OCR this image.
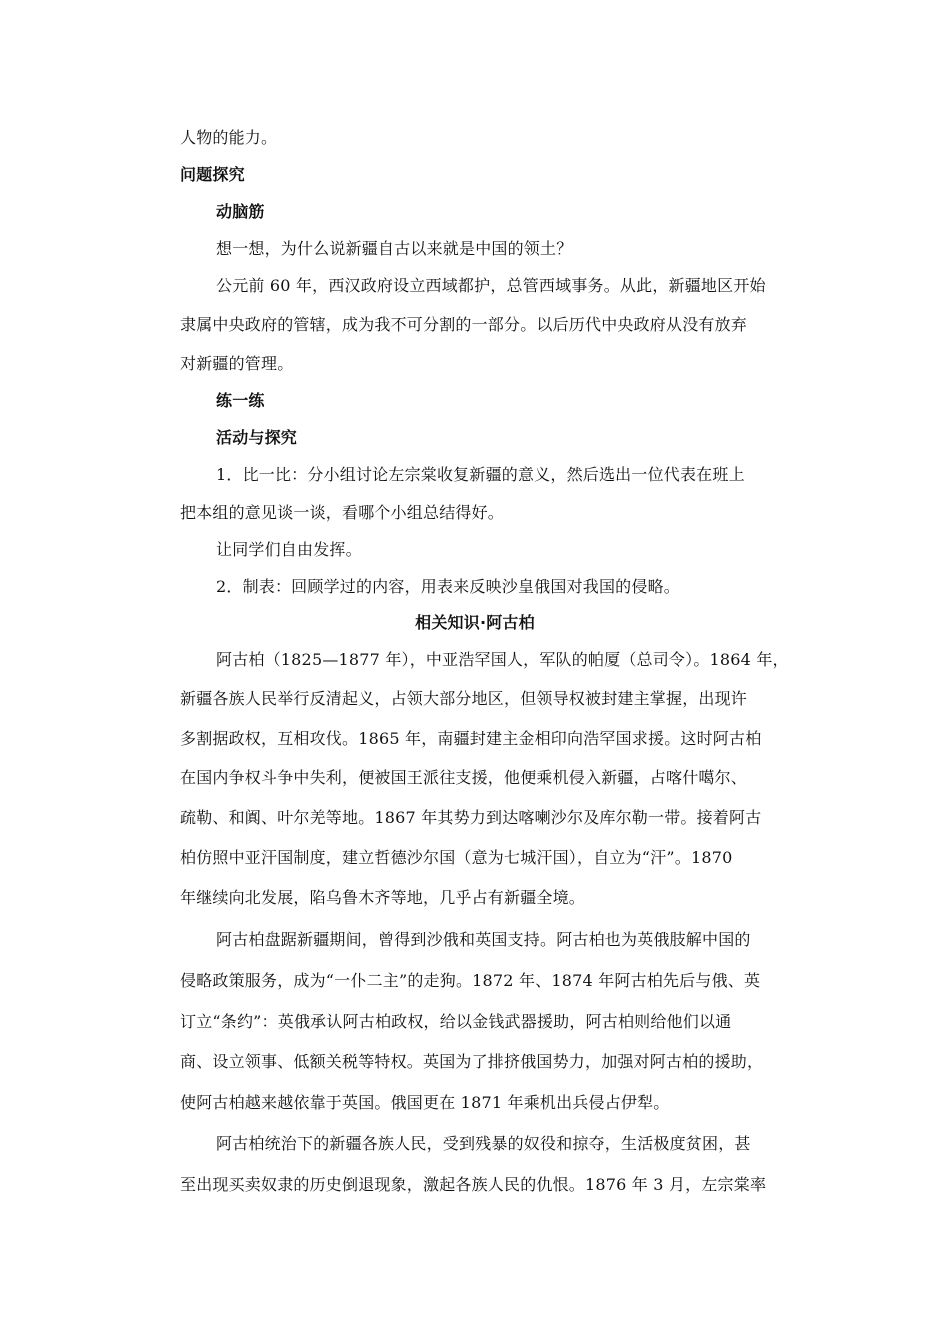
人物的能力。
问题探究
动脑筋
想一想，为什么说新疆自古以来就是中国的领土？
公元前 60 年，西汉政府设立西域都护，总管西域事务。从此，新疆地区开始
隶属中央政府的管辖，成为我不可分割的一部分。以后历代中央政府从没有放弃
对新疆的管理。
练一练
活动与探究
1．比一比：分小组讨论左宗棠收复新疆的意义，然后选出一位代表在班上
把本组的意见谈一谈，看哪个小组总结得好。
让同学们自由发挥。
2．制表：回顾学过的内容，用表来反映沙皇俄国对我国的侵略。
相关知识·阿古柏
阿古柏（1825—1877 年），中亚浩罕国人，军队的帕厦（总司令）。1864 年，
新疆各族人民举行反清起义，占领大部分地区，但领导权被封建主掌握，出现许
多割据政权，互相攻伐。1865 年，南疆封建主金相印向浩罕国求援。这时阿古柏
在国内争权斗争中失利，便被国王派往支援，他便乘机侵入新疆，占喀什噶尔、
疏勒、和阗、叶尔羌等地。1867 年其势力到达喀喇沙尔及库尔勒一带。接着阿古
柏仿照中亚汗国制度，建立哲德沙尔国（意为七城汗国），自立为“汗”。1870
年继续向北发展，陷乌鲁木齐等地，几乎占有新疆全境。
阿古柏盘踞新疆期间，曾得到沙俄和英国支持。阿古柏也为英俄肢解中国的
侵略政策服务，成为“一仆二主”的走狗。1872 年、1874 年阿古柏先后与俄、英
订立“条约”：英俄承认阿古柏政权，给以金钱武器援助，阿古柏则给他们以通
商、设立领事、低额关税等特权。英国为了排挤俄国势力，加强对阿古柏的援助，
使阿古柏越来越依靠于英国。俄国更在 1871 年乘机出兵侵占伊犁。
阿古柏统治下的新疆各族人民，受到残暴的奴役和掠夺，生活极度贫困，甚
至出现买卖奴隶的历史倒退现象，激起各族人民的仇恨。1876 年 3 月，左宗棠率
